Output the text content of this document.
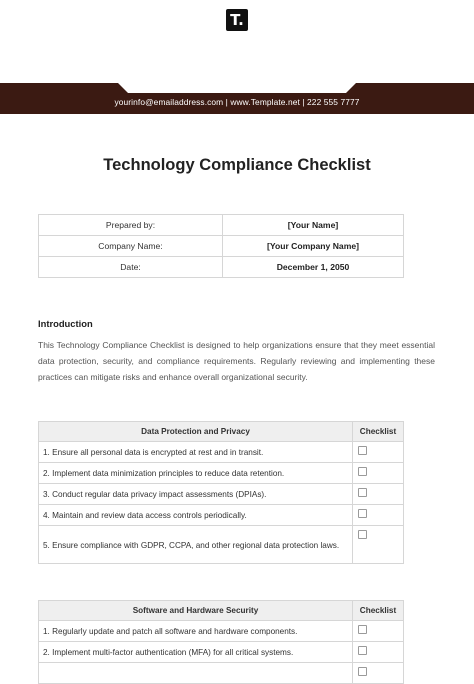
T.
yourinfo@emailaddress.com | www.Template.net | 222 555 7777
Technology Compliance Checklist
Prepared by:	[Your Name]
Company Name:	[Your Company Name]
Date:	December 1, 2050
Introduction

This Technology Compliance Checklist is designed to help organizations ensure that they meet essential data protection, security, and compliance requirements. Regularly reviewing and implementing these practices can mitigate risks and enhance overall organizational security.

Data Protection and Privacy	Checklist
1. Ensure all personal data is encrypted at rest and in transit.	

2. Implement data minimization principles to reduce data retention.	

3. Conduct regular data privacy impact assessments (DPIAs).	

4. Maintain and review data access controls periodically.	

5. Ensure compliance with GDPR, CCPA, and other regional data protection laws.	
Software and Hardware Security	Checklist
1. Regularly update and patch all software and hardware components.	

2. Implement multi-factor authentication (MFA) for all critical systems.	
